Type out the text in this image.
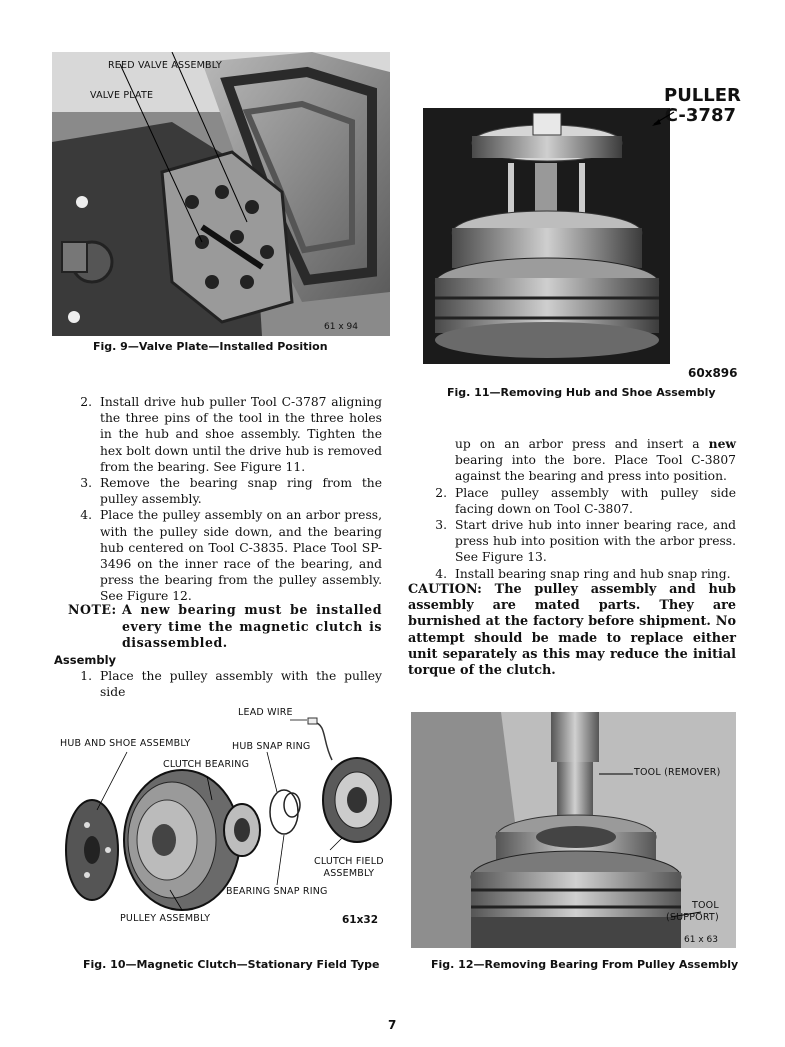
REED VALVE ASSEMBLY
VALVE PLATE
61 x 94
Fig. 9—Valve Plate—Installed Position
PULLER
C-3787
60x896
Fig. 11—Removing Hub and Shoe Assembly

2. Install drive hub puller Tool C-3787 aligning the three pins of the tool in the three holes in the hub and shoe assembly. Tighten the hex bolt down until the drive hub is removed from the bearing. See Figure 11.

3. Remove the bearing snap ring from the pulley assembly.

4. Place the pulley assembly on an arbor press, with the pulley side down, and the bearing hub centered on Tool C-3835. Place Tool SP-3496 on the inner race of the bearing, and press the bearing from the pulley assembly. See Figure 12.

NOTE: A new bearing must be installed every time the magnetic clutch is disassembled.
Assembly

1. Place the pulley assembly with the pulley side

up on an arbor press and insert a new bearing into the bore. Place Tool C-3807 against the bearing and press into position.

2. Place pulley assembly with pulley side facing down on Tool C-3807.

3. Start drive hub into inner bearing race, and press hub into position with the arbor press. See Figure 13.

4. Install bearing snap ring and hub snap ring.

CAUTION: The pulley assembly and hub assembly are mated parts. They are burnished at the factory before shipment. No attempt should be made to replace either unit separately as this may reduce the initial torque of the clutch.
LEAD WIRE
HUB AND SHOE ASSEMBLY	HUB SNAP RING
CLUTCH BEARING
CLUTCH FIELD
ASSEMBLY
BEARING SNAP RING
PULLEY ASSEMBLY	61x32
Fig. 10—Magnetic Clutch—Stationary Field Type
TOOL (REMOVER)
TOOL
(SUPPORT)
61 x 63
Fig. 12—Removing Bearing From Pulley Assembly
7
